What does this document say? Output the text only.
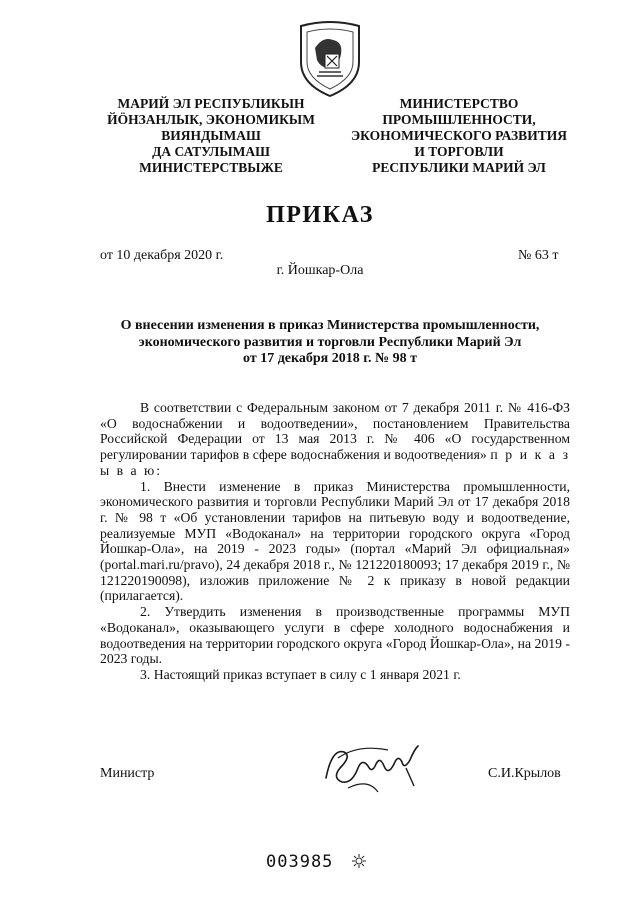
МАРИЙ ЭЛ РЕСПУБЛИКЫН
ЙӦНЗАНЛЫК, ЭКОНОМИКЫМ
ВИЯНДЫМАШ
ДА САТУЛЫМАШ
МИНИСТЕРСТВЫЖЕ
МИНИСТЕРСТВО
ПРОМЫШЛЕННОСТИ,
ЭКОНОМИЧЕСКОГО РАЗВИТИЯ
И ТОРГОВЛИ
РЕСПУБЛИКИ МАРИЙ ЭЛ
ПРИКАЗ
от 10 декабря 2020 г.	№ 63 т
г. Йошкар-Ола
О внесении изменения в приказ Министерства промышленности,
экономического развития и торговли Республики Марий Эл
от 17 декабря 2018 г. № 98 т

В соответствии с Федеральным законом от 7 декабря 2011 г. № 416-ФЗ «О водоснабжении и водоотведении», постановлением Правительства Российской Федерации от 13 мая 2013 г. № 406 «О государственном регулировании тарифов в сфере водоснабжения и водоотведения» п р и к а з ы в а ю:

1. Внести изменение в приказ Министерства промышленности, экономического развития и торговли Республики Марий Эл от 17 декабря 2018 г. № 98 т «Об установлении тарифов на питьевую воду и водоотведение, реализуемые МУП «Водоканал» на территории городского округа «Город Йошкар-Ола», на 2019 - 2023 годы» (портал «Марий Эл официальная» (portal.mari.ru/pravo), 24 декабря 2018 г., № 121220180093; 17 декабря 2019 г., № 121220190098), изложив приложение № 2 к приказу в новой редакции (прилагается).

2. Утвердить изменения в производственные программы МУП «Водоканал», оказывающего услуги в сфере холодного водоснабжения и водоотведения на территории городского округа «Город Йошкар-Ола», на 2019 - 2023 годы.

3. Настоящий приказ вступает в силу с 1 января 2021 г.

Министр	С.И.Крылов
003985
